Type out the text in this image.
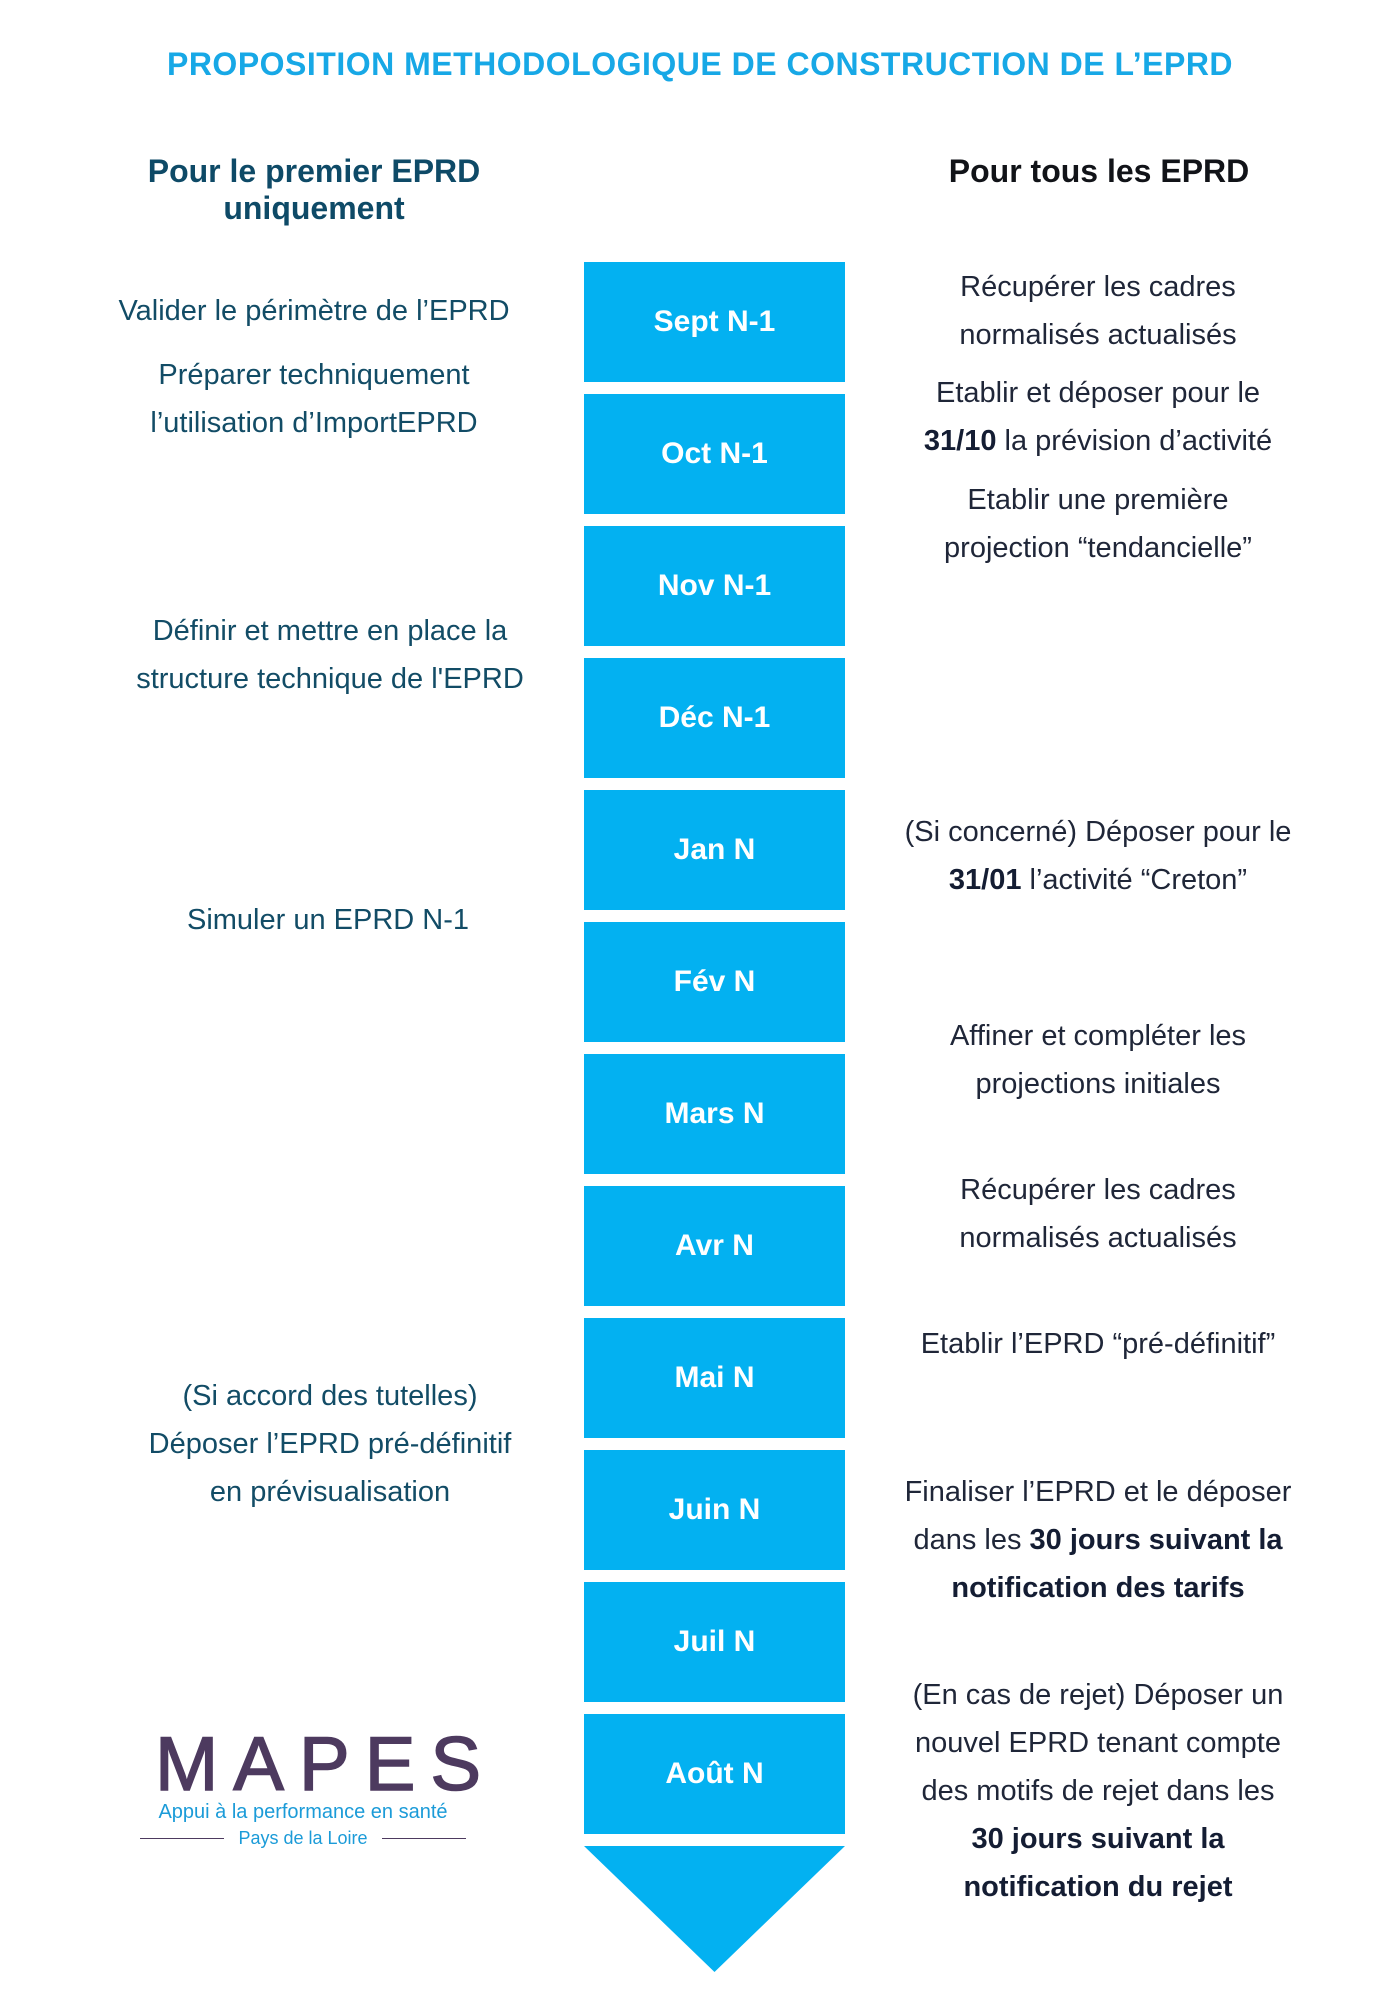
PROPOSITION METHODOLOGIQUE DE CONSTRUCTION DE L’EPRD
Pour le premier EPRD
uniquement
Pour tous les EPRD
Sept N-1
Oct N-1
Nov N-1
Déc N-1
Jan N
Fév N
Mars N
Avr N
Mai N
Juin N
Juil N
Août N
Valider le périmètre de l’EPRD
Préparer techniquement
l’utilisation d’ImportEPRD
Définir et mettre en place la
structure technique de l'EPRD
Simuler un EPRD N-1
(Si accord des tutelles)
Déposer l’EPRD pré-définitif
en prévisualisation
Récupérer les cadres
normalisés actualisés
Etablir et déposer pour le
31/10 la prévision d’activité
Etablir une première
projection “tendancielle”
(Si concerné) Déposer pour le
31/01 l’activité “Creton”
Affiner et compléter les
projections initiales
Récupérer les cadres
normalisés actualisés
Etablir l’EPRD “pré-définitif”
Finaliser l’EPRD et le déposer
dans les 30 jours suivant la
notification des tarifs
(En cas de rejet) Déposer un
nouvel EPRD tenant compte
des motifs de rejet dans les
30 jours suivant la
notification du rejet
MAPES
Appui à la performance en santé
Pays de la Loire
